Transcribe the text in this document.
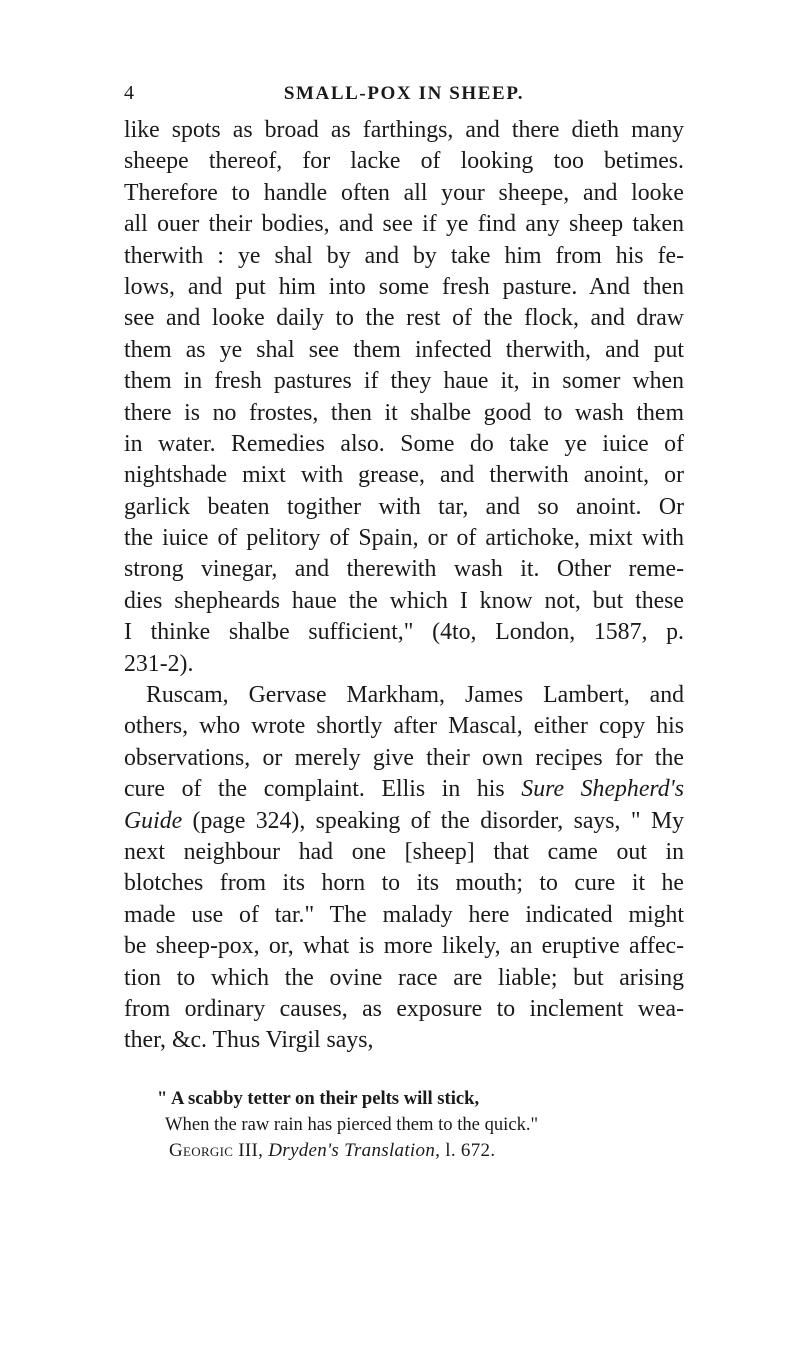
4	SMALL-POX IN SHEEP.
like spots as broad as farthings, and there dieth many
sheepe thereof, for lacke of looking too betimes.
Therefore to handle often all your sheepe, and looke
all ouer their bodies, and see if ye find any sheep taken
therwith : ye shal by and by take him from his fe-
lows, and put him into some fresh pasture. And then
see and looke daily to the rest of the flock, and draw
them as ye shal see them infected therwith, and put
them in fresh pastures if they haue it, in somer when
there is no frostes, then it shalbe good to wash them
in water. Remedies also. Some do take ye iuice of
nightshade mixt with grease, and therwith anoint, or
garlick beaten togither with tar, and so anoint. Or
the iuice of pelitory of Spain, or of artichoke, mixt with
strong vinegar, and therewith wash it. Other reme-
dies shepheards haue the which I know not, but these
I thinke shalbe sufficient," (4to, London, 1587, p.
231-2).
Ruscam, Gervase Markham, James Lambert, and
others, who wrote shortly after Mascal, either copy his
observations, or merely give their own recipes for the
cure of the complaint. Ellis in his Sure Shepherd's
Guide (page 324), speaking of the disorder, says, " My
next neighbour had one [sheep] that came out in
blotches from its horn to its mouth; to cure it he
made use of tar." The malady here indicated might
be sheep-pox, or, what is more likely, an eruptive affec-
tion to which the ovine race are liable; but arising
from ordinary causes, as exposure to inclement wea-
ther, &c. Thus Virgil says,
" A scabby tetter on their pelts will stick,
When the raw rain has pierced them to the quick."
Georgic III, Dryden's Translation, l. 672.
